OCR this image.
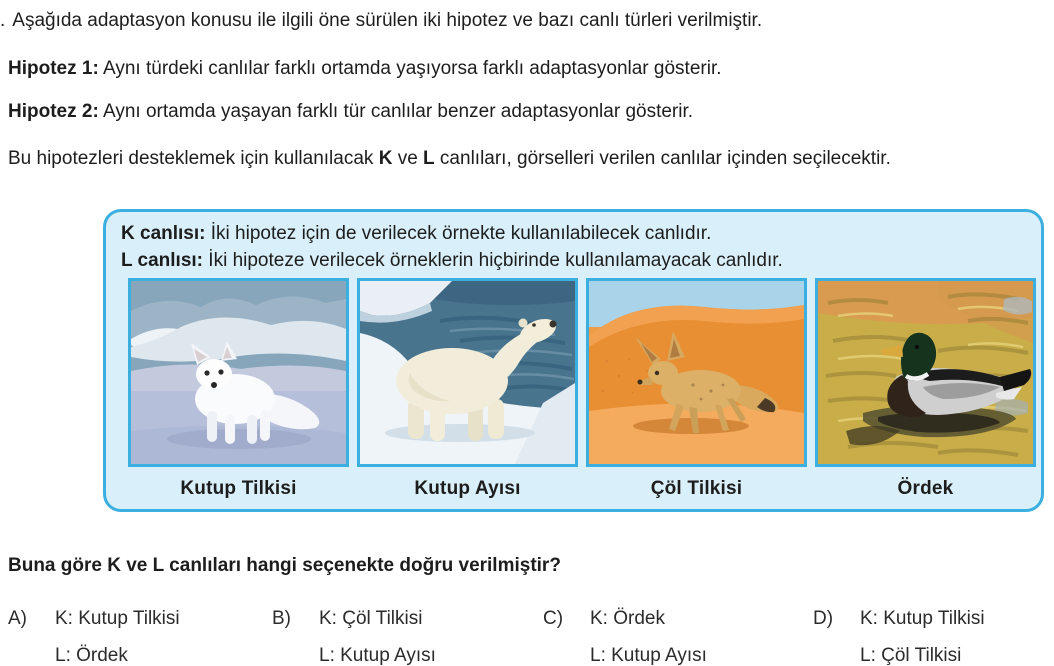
. Aşağıda adaptasyon konusu ile ilgili öne sürülen iki hipotez ve bazı canlı türleri verilmiştir.
Hipotez 1: Aynı türdeki canlılar farklı ortamda yaşıyorsa farklı adaptasyonlar gösterir.
Hipotez 2: Aynı ortamda yaşayan farklı tür canlılar benzer adaptasyonlar gösterir.
Bu hipotezleri desteklemek için kullanılacak K ve L canlıları, görselleri verilen canlılar içinden seçilecektir.
K canlısı: İki hipotez için de verilecek örnekte kullanılabilecek canlıdır.
L canlısı: İki hipoteze verilecek örneklerin hiçbirinde kullanılamayacak canlıdır.
Kutup Tilkisi	Kutup Ayısı	Çöl Tilkisi	Ördek
Buna göre K ve L canlıları hangi seçenekte doğru verilmiştir?
A)	K: Kutup Tilkisi
L: Ördek
B)	K: Çöl Tilkisi
L: Kutup Ayısı
C)	K: Ördek
L: Kutup Ayısı
D)	K: Kutup Tilkisi
L: Çöl Tilkisi
